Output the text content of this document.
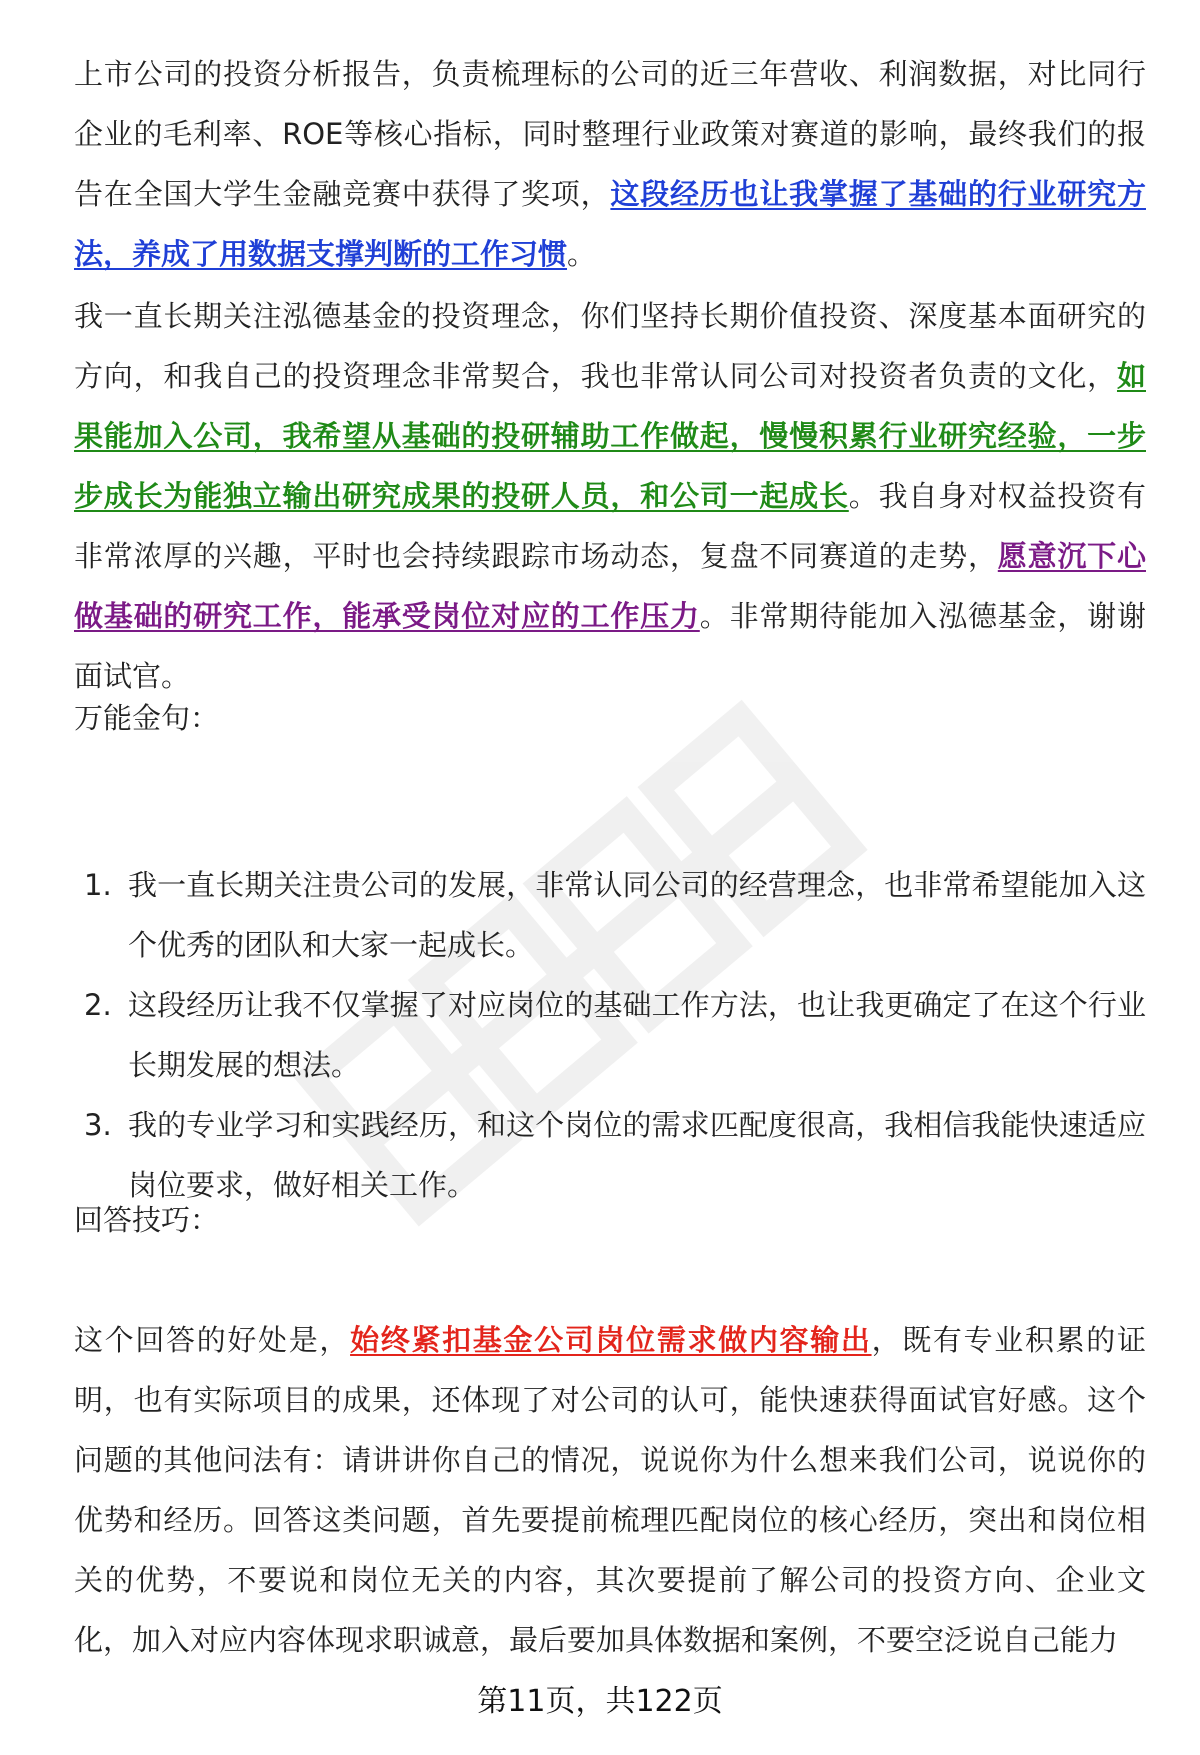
上市公司的投资分析报告，负责梳理标的公司的近三年营收、利润数据，对比同行企业的毛利率、ROE等核心指标，同时整理行业政策对赛道的影响，最终我们的报告在全国大学生金融竞赛中获得了奖项，这段经历也让我掌握了基础的行业研究方法，养成了用数据支撑判断的工作习惯。

我一直长期关注泓德基金的投资理念，你们坚持长期价值投资、深度基本面研究的方向，和我自己的投资理念非常契合，我也非常认同公司对投资者负责的文化，如果能加入公司，我希望从基础的投研辅助工作做起，慢慢积累行业研究经验，一步步成长为能独立输出研究成果的投研人员，和公司一起成长。我自身对权益投资有非常浓厚的兴趣，平时也会持续跟踪市场动态，复盘不同赛道的走势，愿意沉下心做基础的研究工作，能承受岗位对应的工作压力。非常期待能加入泓德基金，谢谢面试官。

万能金句：

1. 我一直长期关注贵公司的发展，非常认同公司的经营理念，也非常希望能加入这个优秀的团队和大家一起成长。
2. 这段经历让我不仅掌握了对应岗位的基础工作方法，也让我更确定了在这个行业长期发展的想法。
3. 我的专业学习和实践经历，和这个岗位的需求匹配度很高，我相信我能快速适应岗位要求，做好相关工作。

回答技巧：

这个回答的好处是，始终紧扣基金公司岗位需求做内容输出，既有专业积累的证明，也有实际项目的成果，还体现了对公司的认可，能快速获得面试官好感。这个问题的其他问法有：请讲讲你自己的情况，说说你为什么想来我们公司，说说你的优势和经历。回答这类问题，首先要提前梳理匹配岗位的核心经历，突出和岗位相关的优势，不要说和岗位无关的内容，其次要提前了解公司的投资方向、企业文化，加入对应内容体现求职诚意，最后要加具体数据和案例，不要空泛说自己能力

第11页，共122页
